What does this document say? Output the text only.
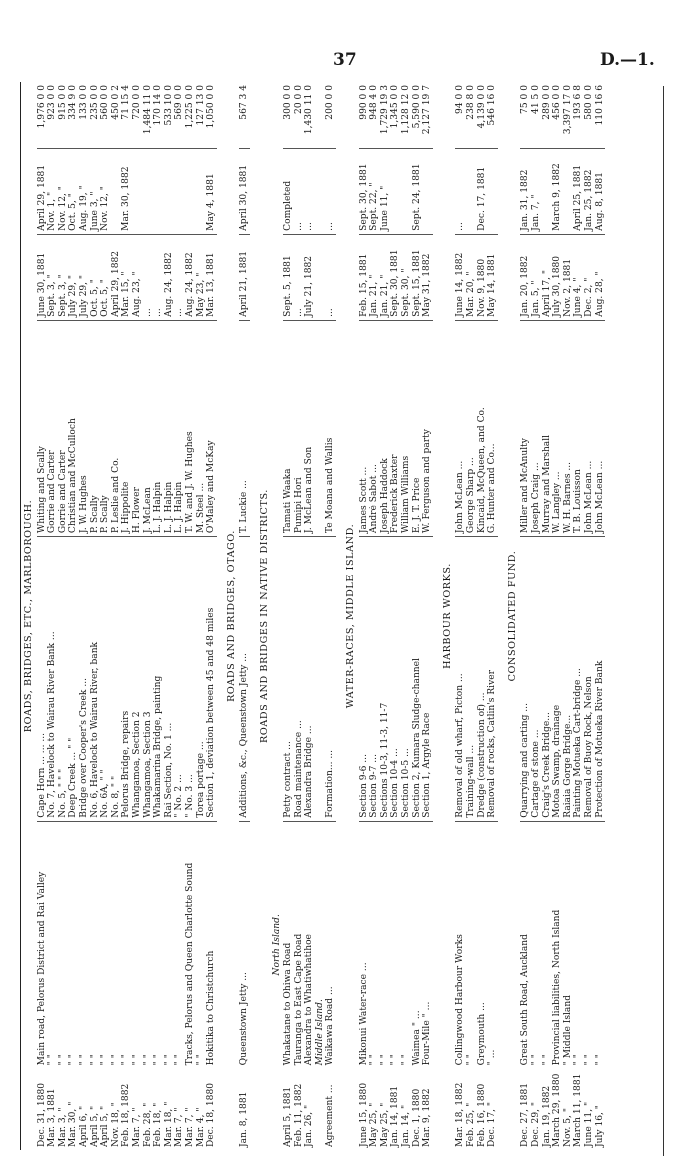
37	D.—1.
ROADS, BRIDGES, ETC., MARLBOROUGH.						
Dec. 31, 1880	Main road, Pelorus District and Rai Valley	Cape Horn ... ... ...	Whiting and Scally	June 30, 1881	April 29, 1881	1,976 0 0
Mar. 3, 1881	" "	No. 7, Havelock to Wairau River Bank ...	Gorrie and Carter	Sept. 3, "	Nov. 1, "	923 0 0
Mar. 3, "	" "	No. 5, " " "	Gorrie and Carter	Sept. 3, "	Nov. 12, "	915 0 0
Mar. 30, "	" "	Deep Creek ... " "	Christian and McCulloch	July 29, "	Oct. 5, "	334 9 0
April 6, "	" "	Bridge over Cooper's Creek ...	J. W. Hughes	July 29, "	Aug. 19, "	133 0 0
April 5, "	" "	No. 6, Havelock to Wairau River, bank	P. Scally	Oct. 5, "	June 3, "	235 0 0
April 5, "	" "	No. 6A, " "	P. Scally	Oct. 5, "	Nov. 12, "	560 0 0
Nov. 18, "	" "	No. 8, " "	P. Leslie and Co.	April 29, 1882		450 0 2
Feb. 18, 1882	" "	Pelorus Bridge, repairs	J. Hippolite	Mar. 15, "	Mar. 30, 1882	71 15 4
Mar. 7, "	" "	Whangamoa, Section 2	H. Flower	Aug. 23, "		720 0 0
Feb. 28, "	" "	Whangamoa, Section 3	J. McLean	...		1,484 11 0
Feb. 18, "	" "	Whakamarina Bridge, painting	L. J. Halpin	...		170 14 0
Mar. 18, "	" "	Rai Section, No. 1 ...	L. J. Halpin	Aug. 24, 1882		533 10 0
Mar. 7, "	" "	" No. 2 ...	L. J. Halpin	...		569 0 0
Mar. 7, "	Tracks, Pelorus and Queen Charlotte Sound	" No. 3 ...	T. W. and J. W. Hughes	Aug. 24, 1882		1,225 0 0
Mar. 4, "	" "	Torea portage ...	M. Steel ...	May 23, "		127 13 0
Dec. 18, 1880	Hokitika to Christchurch	Section 1, deviation between 45 and 48 miles	O'Maley and McKay	Mar. 13, 1881	May 4, 1881	1,050 0 0

ROADS AND BRIDGES, OTAGO.						
Jan. 8, 1881	Queenstown Jetty ...	Additions, &c., Queenstown Jetty ...	T. Luckie ...	April 21, 1881	April 30, 1881	567 3 4

ROADS AND BRIDGES IN NATIVE DISTRICTS.						
	North Island.					
April 5, 1881	Whakatane to Ohiwa Road	Petty contract ...	Tamati Waaka	Sept. 5, 1881	Completed	300 0 0
Feb. 11, 1882	Tauranga to East Cape Road	Road maintenance ...	Pumipi Hori	...	...	20 0 0
Jan. 26, "	Alexandra to Whatiwhatihoe	Alexandra Bridge ...	J. McLean and Son	July 21, 1882	...	1,430 11 0
	Middle Island.					
Agreement ...	Waikawa Road ...	Formation... ...	Te Moana and Wallis	...	...	200 0 0

WATER-RACES, MIDDLE ISLAND.						
June 15, 1880	Mikonui Water-race ...	Section 9-6 ...	James Scott ...	Feb. 15, 1881	Sept. 30, 1881	990 0 0
May 25, "	" "	Section 9-7 ...	André Sabot ...	Jan. 21, "	Sept. 22, "	948 4 0
May 25, "	" "	Sections 10-3, 11-3, 11-7	Joseph Haddock	Jan. 21, "	June 11, "	1,729 19 3
Jan. 14, 1881	" "	Section 10-4 ...	Frederick Baxter	Sept. 30, 1881		1,345 0 0
Jan. 14, "	" "	Section 10-5 ...	William Williams	Sept. 30, "		1,128 12 0
Dec. 1, 1880	Waimea " ...	Section 2, Kumara Sludge-channel	E. J. T. Price	Sept. 15, 1881	Sept. 24, 1881	5,590 0 0
Mar. 9, 1882	Four-Mile " ...	Section 1, Argyle Race	W. Ferguson and party	May 31, 1882		2,127 19 7

HARBOUR WORKS.						
Mar. 18, 1882	Collingwood Harbour Works	Removal of old wharf, Picton ...	John McLean ...	June 14, 1882	...	94 0 0
Feb. 25, "	" "	Training-wall ...	George Sharp ...	Mar. 20, "		238 8 0
Feb. 16, 1880	Greymouth ...	Dredge (construction of) ...	Kincaid, McQueen, and Co.	Nov. 9, 1880	Dec. 17, 1881	4,139 0 0
Dec. 17, "	" ...	Removal of rocks, Catlin's River	G. Hunter and Co...	May 14, 1881		546 16 0

CONSOLIDATED FUND.						
Dec. 27, 1881	Great South Road, Auckland	Quarrying and carting ...	Miller and McAnulty	Jan. 20, 1882	Jan. 31, 1882	75 0 0
Dec. 29, "	" "	Cartage of stone ...	Joseph Craig ...	Jan. 5, "	Jan. 7, "	41 5 0
Jan. 19, 1882	" "	Craig's Creek Bridge...	Murray and Marshall	April 17, "		289 0 0
March 29, 1880	Provincial liabilities, North Island	Motoa Swamp, drainage	W. Langley ...	July 30, 1880	March 9, 1882	456 0 0
Nov. 5, "	" Middle Island	Raiaia Gorge Bridge...	W. H. Barnes ...	Nov. 2, 1881		3,397 17 0
March 11, 1881	" "	Painting Motueka Cart-bridge ...	T. B. Louisson	June 4, "	April 25, 1881	193 6 8
June 11, "	" "	Removal of Buoy Rock, Nelson	John McLean ...	Dec. 2, "	Jan. 25, 1882	580 0 0
July 16, "	" "	Protection of Motueka River Bank	John McLean ...	Aug. 28, "	Aug. 8, 1881	110 16 6
